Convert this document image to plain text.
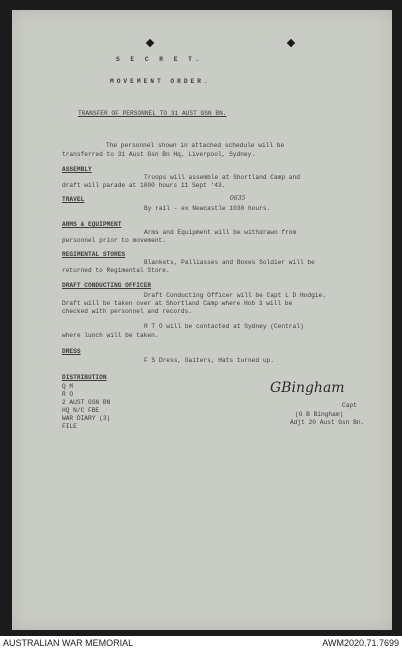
S E C R E T.
MOVEMENT ORDER.
TRANSFER OF PERSONNEL TO 31 AUST GSN BN.
The personnel shown in attached schedule will be
transferred to 31 Aust Gsn Bn Hq, Liverpool, Sydney.
ASSEMBLY
Troops will assemble at Shortland Camp and
draft will parade at 1000 hours 11 Sept '43.
TRAVEL	0635
By rail - ex Newcastle 1030 hours.
ARMS & EQUIPMENT
Arms and Equipment will be withdrawn from
personnel prior to movement.
REGIMENTAL STORES
Blankets, Palliasses and Boxes Soldier will be
returned to Regimental Store.
DRAFT CONDUCTING OFFICER
Draft Conducting Officer will be Capt L D Hodgie.
Draft will be taken over at Shortland Camp where Hob 3 will be
checked with personnel and records.
R T O will be contacted at Sydney (Central)
where lunch will be taken.
DRESS
F S Dress, Gaiters, Hats turned up.
DISTRIBUTION
Q M
R O
2 AUST GSN BN
HQ N/C FBE
WAR DIARY (3)
FILE
GBingham
Capt
(G B Bingham)
Adjt 20 Aust Gsn Bn.
AUSTRALIAN WAR MEMORIAL	AWM2020.71.7699
